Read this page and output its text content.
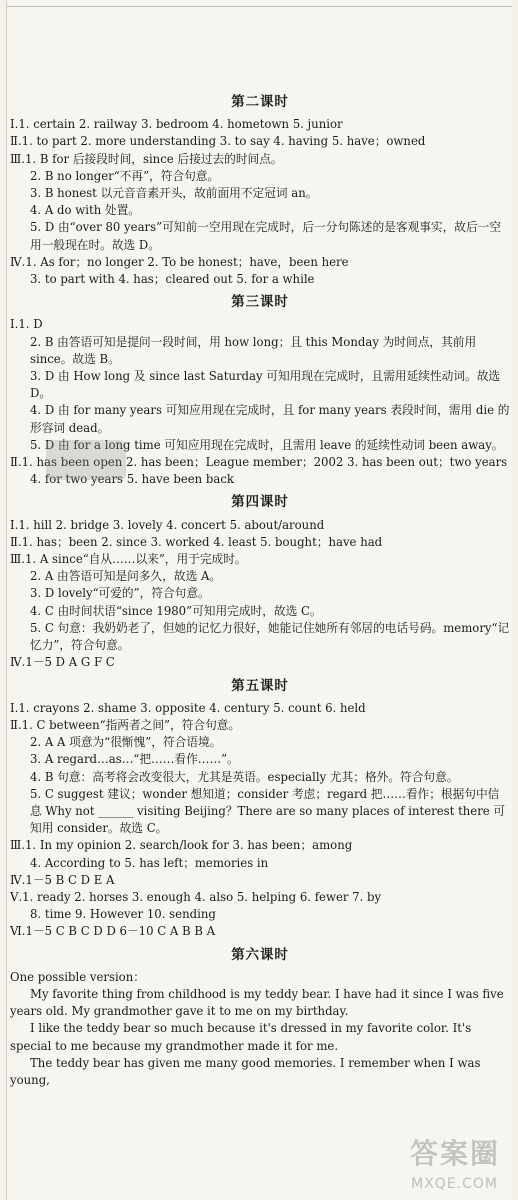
第二课时
Ⅰ.1. certain 2. railway 3. bedroom 4. hometown 5. junior
Ⅱ.1. to part 2. more understanding 3. to say 4. having 5. have；owned
Ⅲ.1. B for 后接段时间，since 后接过去的时间点。
2. B no longer“不再”，符合句意。
3. B honest 以元音音素开头，故前面用不定冠词 an。
4. A do with 处置。
5. D 由“over 80 years”可知前一空用现在完成时，后一分句陈述的是客观事实，故后一空用一般现在时。故选 D。
Ⅳ.1. As for；no longer 2. To be honest；have，been here
3. to part with 4. has；cleared out 5. for a while
第三课时
Ⅰ.1. D
2. B 由答语可知是提问一段时间，用 how long；且 this Monday 为时间点，其前用 since。故选 B。
3. D 由 How long 及 since last Saturday 可知用现在完成时，且需用延续性动词。故选 D。
4. D 由 for many years 可知应用现在完成时，且 for many years 表段时间，需用 die 的形容词 dead。
5. D 由 for a long time 可知应用现在完成时，且需用 leave 的延续性动词 been away。
Ⅱ.1. has been open 2. has been；League member；2002 3. has been out；two years
4. for two years 5. have been back
第四课时
Ⅰ.1. hill 2. bridge 3. lovely 4. concert 5. about/around
Ⅱ.1. has；been 2. since 3. worked 4. least 5. bought；have had
Ⅲ.1. A since“自从……以来”，用于完成时。
2. A 由答语可知是问多久，故选 A。
3. D lovely“可爱的”，符合句意。
4. C 由时间状语“since 1980”可知用完成时，故选 C。
5. C 句意：我奶奶老了，但她的记忆力很好，她能记住她所有邻居的电话号码。memory“记忆力”，符合句意。
Ⅳ.1－5 D A G F C
第五课时
Ⅰ.1. crayons 2. shame 3. opposite 4. century 5. count 6. held
Ⅱ.1. C between“指两者之间”，符合句意。
2. A A 项意为“很惭愧”，符合语境。
3. A regard…as…“把……看作……”。
4. B 句意：高考将会改变很大，尤其是英语。especially 尤其；格外。符合句意。
5. C suggest 建议；wonder 想知道；consider 考虑；regard 把……看作；根据句中信息 Why not ______ visiting Beijing？There are so many places of interest there 可知用 consider。故选 C。
Ⅲ.1. In my opinion 2. search/look for 3. has been；among
4. According to 5. has left；memories in
Ⅳ.1－5 B C D E A
Ⅴ.1. ready 2. horses 3. enough 4. also 5. helping 6. fewer 7. by
8. time 9. However 10. sending
Ⅵ.1－5 C B C D D 6－10 C A B B A
第六课时

One possible version：

My favorite thing from childhood is my teddy bear. I have had it since I was five years old. My grandmother gave it to me on my birthday.

I like the teddy bear so much because it's dressed in my favorite color. It's special to me because my grandmother made it for me.

The teddy bear has given me many good memories. I remember when I was young,

答案圈
MXQE.COM
